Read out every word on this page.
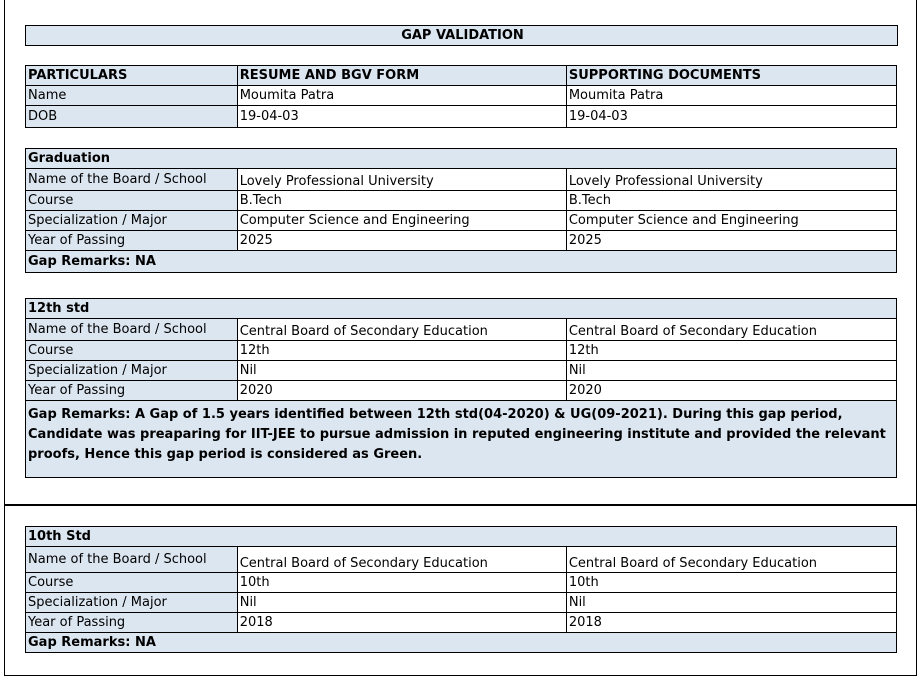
GAP VALIDATION
PARTICULARS	RESUME AND BGV FORM	SUPPORTING DOCUMENTS
Name	Moumita Patra	Moumita Patra
DOB	19-04-03	19-04-03
Graduation		
Name of the Board / School	Lovely Professional University	Lovely Professional University
Course	B.Tech	B.Tech
Specialization / Major	Computer Science and Engineering	Computer Science and Engineering
Year of Passing	2025	2025
Gap Remarks: NA		
12th std		
Name of the Board / School	Central Board of Secondary Education	Central Board of Secondary Education
Course	12th	12th
Specialization / Major	Nil	Nil
Year of Passing	2020	2020
Gap Remarks: A Gap of 1.5 years identified between 12th std(04-2020) & UG(09-2021). During this gap period, Candidate was preaparing for IIT-JEE to pursue admission in reputed engineering institute and provided the relevant proofs, Hence this gap period is considered as Green.		
10th Std		
Name of the Board / School	Central Board of Secondary Education	Central Board of Secondary Education
Course	10th	10th
Specialization / Major	Nil	Nil
Year of Passing	2018	2018
Gap Remarks: NA		
